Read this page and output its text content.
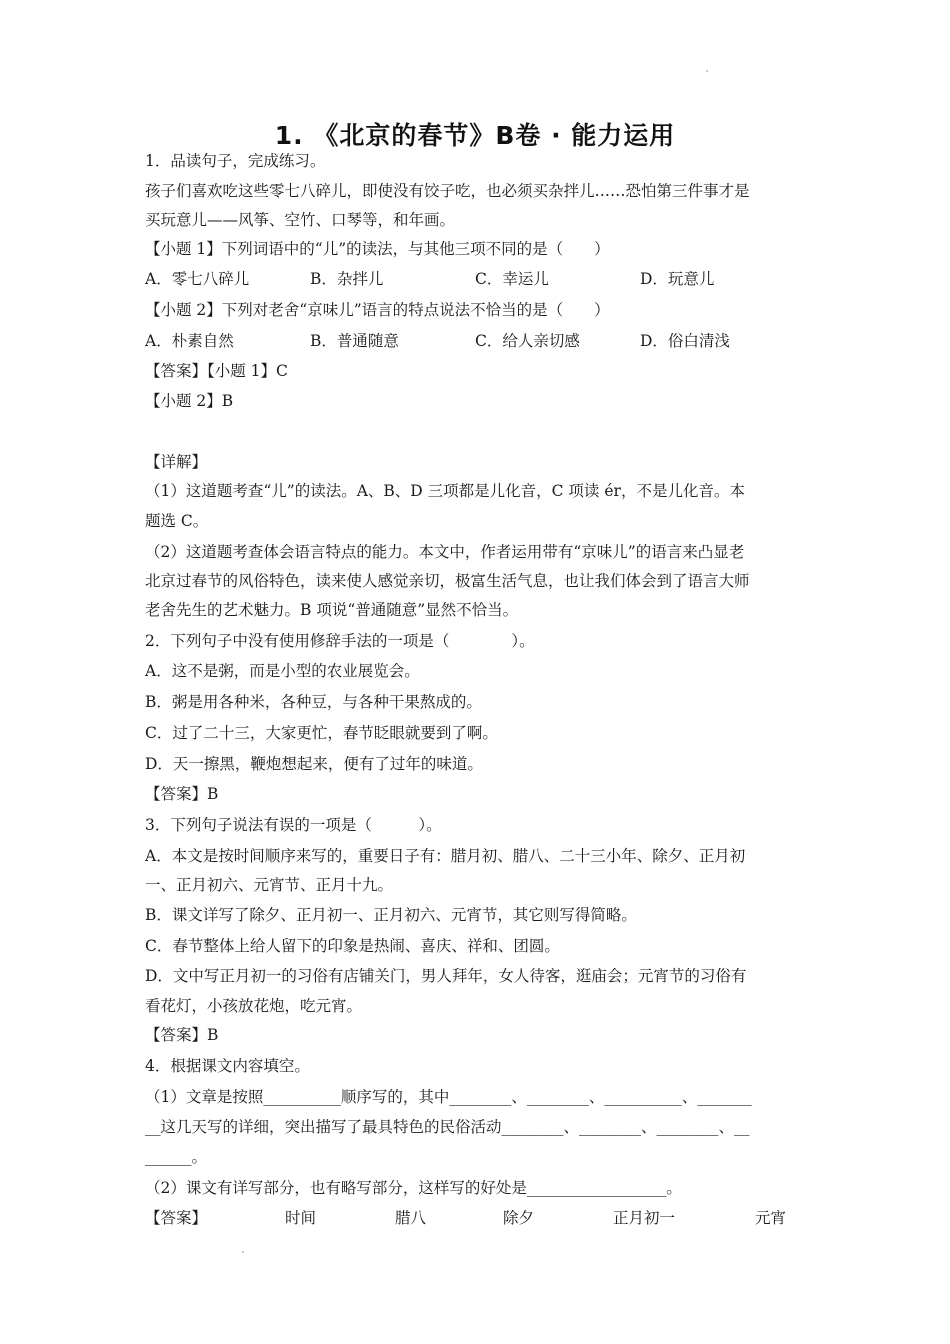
1. 《北京的春节》B卷 · 能力运用
1．品读句子，完成练习。
孩子们喜欢吃这些零七八碎儿，即使没有饺子吃，也必须买杂拌儿……恐怕第三件事才是
买玩意儿——风筝、空竹、口琴等，和年画。
【小题 1】下列词语中的“儿”的读法，与其他三项不同的是（　　）
A．零七八碎儿	B．杂拌儿	C．幸运儿	D．玩意儿
【小题 2】下列对老舍“京味儿”语言的特点说法不恰当的是（　　）
A．朴素自然	B．普通随意	C．给人亲切感	D．俗白清浅
【答案】【小题 1】C
【小题 2】B
【详解】
（1）这道题考查“儿”的读法。A、B、D 三项都是儿化音，C 项读 ér，不是儿化音。本
题选 C。
（2）这道题考查体会语言特点的能力。本文中，作者运用带有“京味儿”的语言来凸显老
北京过春节的风俗特色，读来使人感觉亲切，极富生活气息，也让我们体会到了语言大师
老舍先生的艺术魅力。B 项说“普通随意”显然不恰当。
2．下列句子中没有使用修辞手法的一项是（　　　　）。
A．这不是粥，而是小型的农业展览会。
B．粥是用各种米，各种豆，与各种干果熬成的。
C．过了二十三，大家更忙，春节眨眼就要到了啊。
D．天一擦黑，鞭炮想起来，便有了过年的味道。
【答案】B
3．下列句子说法有误的一项是（　　　）。
A．本文是按时间顺序来写的，重要日子有：腊月初、腊八、二十三小年、除夕、正月初
一、正月初六、元宵节、正月十九。
B．课文详写了除夕、正月初一、正月初六、元宵节，其它则写得简略。
C．春节整体上给人留下的印象是热闹、喜庆、祥和、团圆。
D．文中写正月初一的习俗有店铺关门，男人拜年，女人待客，逛庙会；元宵节的习俗有
看花灯，小孩放花炮，吃元宵。
【答案】B
4．根据课文内容填空。
（1）文章是按照__________顺序写的，其中________、________、__________、_______
__这几天写的详细，突出描写了最具特色的民俗活动________、________、________、__
______。
（2）课文有详写部分，也有略写部分，这样写的好处是__________________。
【答案】	时间	腊八	除夕	正月初一	元宵
